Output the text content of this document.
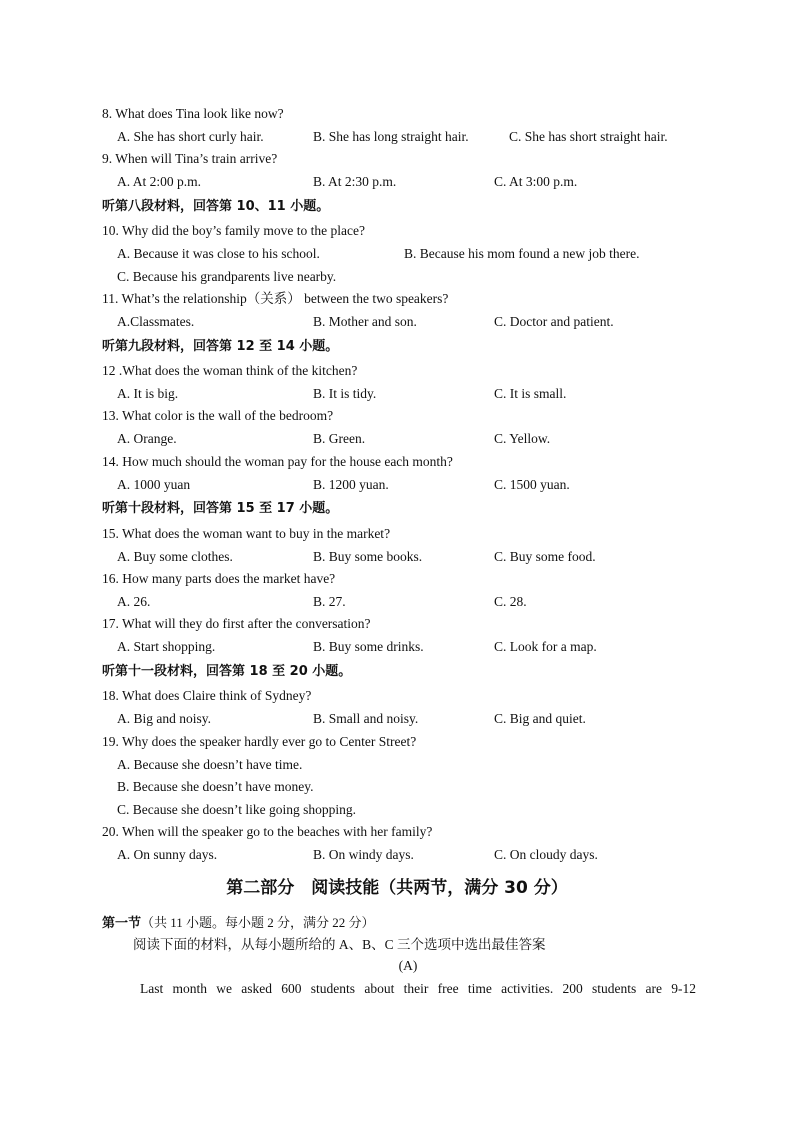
8. What does Tina look like now?
A. She has short curly hair.	B. She has long straight hair.	C. She has short straight hair.
9. When will Tina’s train arrive?
A. At 2:00 p.m.	B. At 2:30 p.m.	C. At 3:00 p.m.
听第八段材料，回答第 10、11 小题。
10. Why did the boy’s family move to the place?
A. Because it was close to his school.	B. Because his mom found a new job there.
C. Because his grandparents live nearby.
11. What’s the relationship（关系） between the two speakers?
A.Classmates.	B. Mother and son.	C. Doctor and patient.
听第九段材料，回答第 12 至 14 小题。
12 .What does the woman think of the kitchen?
A. It is big.	B. It is tidy.	C. It is small.
13. What color is the wall of the bedroom?
A. Orange.	B. Green.	C. Yellow.
14. How much should the woman pay for the house each month?
A. 1000 yuan	B. 1200 yuan.	C. 1500 yuan.
听第十段材料，回答第 15 至 17 小题。
15. What does the woman want to buy in the market?
A. Buy some clothes.	B. Buy some books.	C. Buy some food.
16. How many parts does the market have?
A. 26.	B. 27.	C. 28.
17. What will they do first after the conversation?
A. Start shopping.	B. Buy some drinks.	C. Look for a map.
听第十一段材料，回答第 18 至 20 小题。
18. What does Claire think of Sydney?
A. Big and noisy.	B. Small and noisy.	C. Big and quiet.
19. Why does the speaker hardly ever go to Center Street?
A. Because she doesn’t have time.
B. Because she doesn’t have money.
C. Because she doesn’t like going shopping.
20. When will the speaker go to the beaches with her family?
A. On sunny days.	B. On windy days.	C. On cloudy days.
第二部分　阅读技能（共两节，满分 30 分）
第一节（共 11 小题。每小题 2 分，满分 22 分）
阅读下面的材料，从每小题所给的 A、B、C 三个选项中选出最佳答案
(A)
Last month we asked 600 students about their free time activities. 200 students are 9-12
